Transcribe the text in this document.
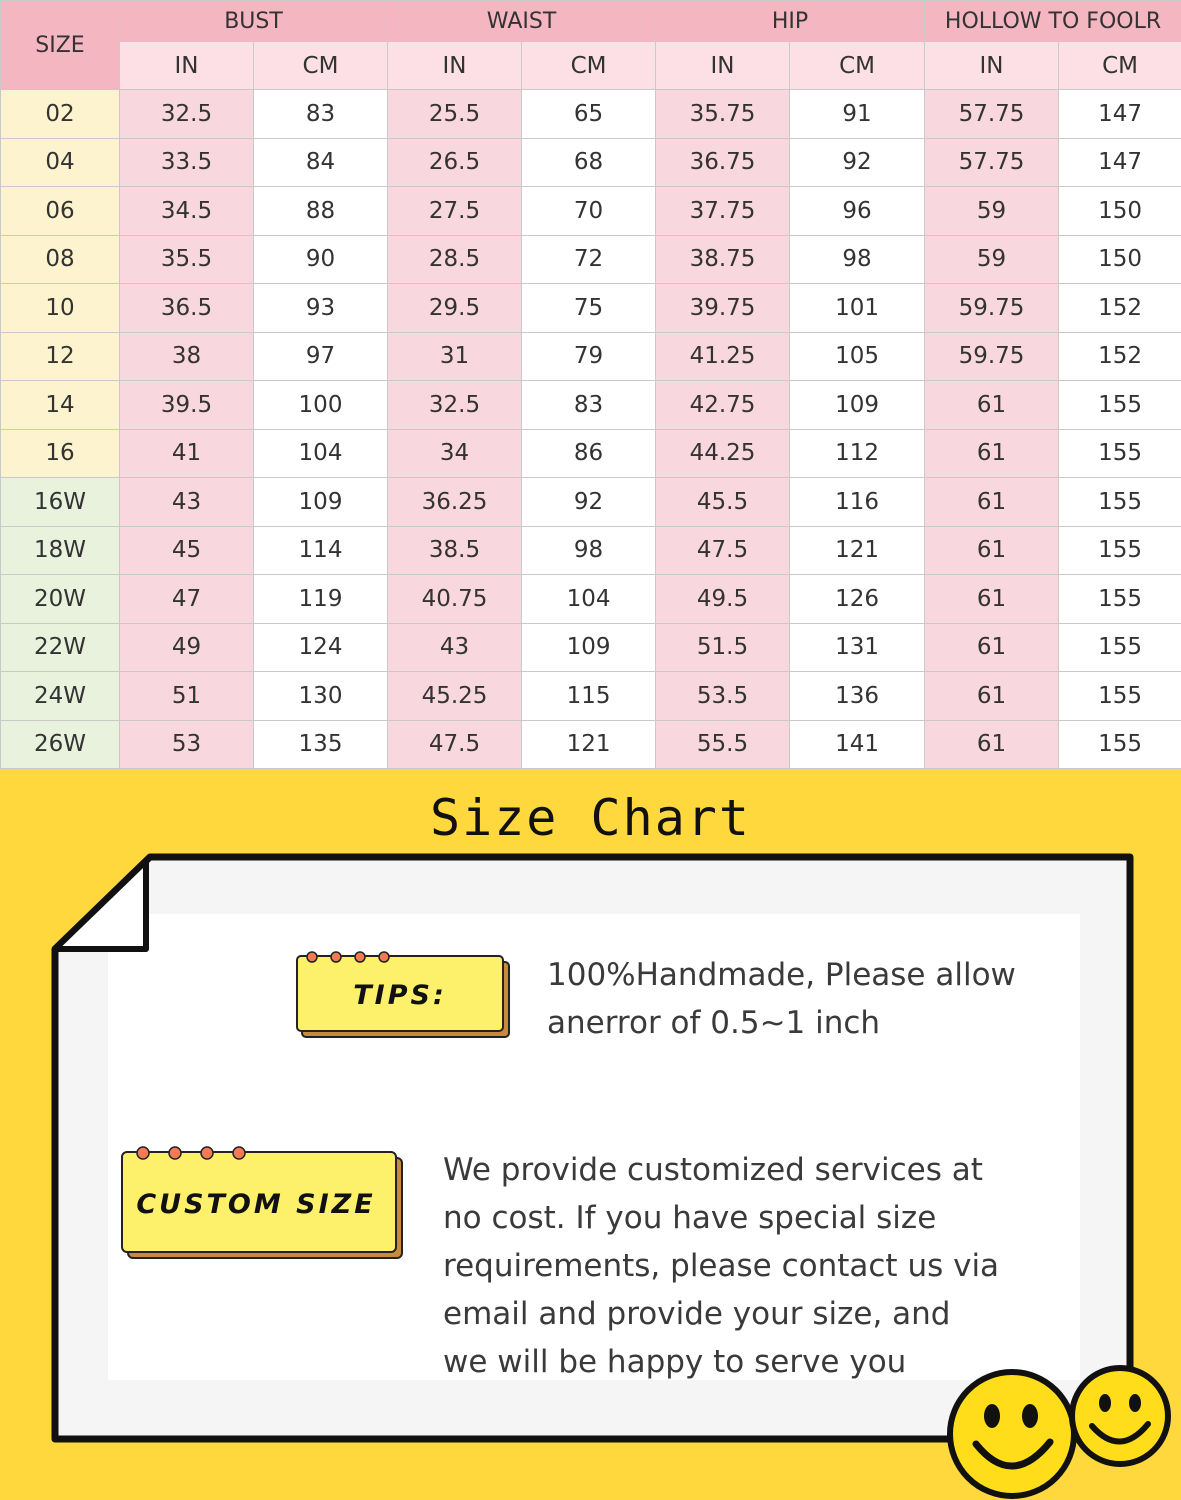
SIZE	BUST		WAIST		HIP		HOLLOW TO FOOLR	
	IN	CM	IN	CM	IN	CM	IN	CM
02	32.5	83	25.5	65	35.75	91	57.75	147
04	33.5	84	26.5	68	36.75	92	57.75	147
06	34.5	88	27.5	70	37.75	96	59	150
08	35.5	90	28.5	72	38.75	98	59	150
10	36.5	93	29.5	75	39.75	101	59.75	152
12	38	97	31	79	41.25	105	59.75	152
14	39.5	100	32.5	83	42.75	109	61	155
16	41	104	34	86	44.25	112	61	155
16W	43	109	36.25	92	45.5	116	61	155
18W	45	114	38.5	98	47.5	121	61	155
20W	47	119	40.75	104	49.5	126	61	155
22W	49	124	43	109	51.5	131	61	155
24W	51	130	45.25	115	53.5	136	61	155
26W	53	135	47.5	121	55.5	141	61	155
Size Chart
TIPS:
CUSTOM SIZE
100%Handmade, Please allow
anerror of 0.5~1 inch
We provide customized services at
no cost. If you have special size
requirements, please contact us via
email and provide your size, and
we will be happy to serve you
